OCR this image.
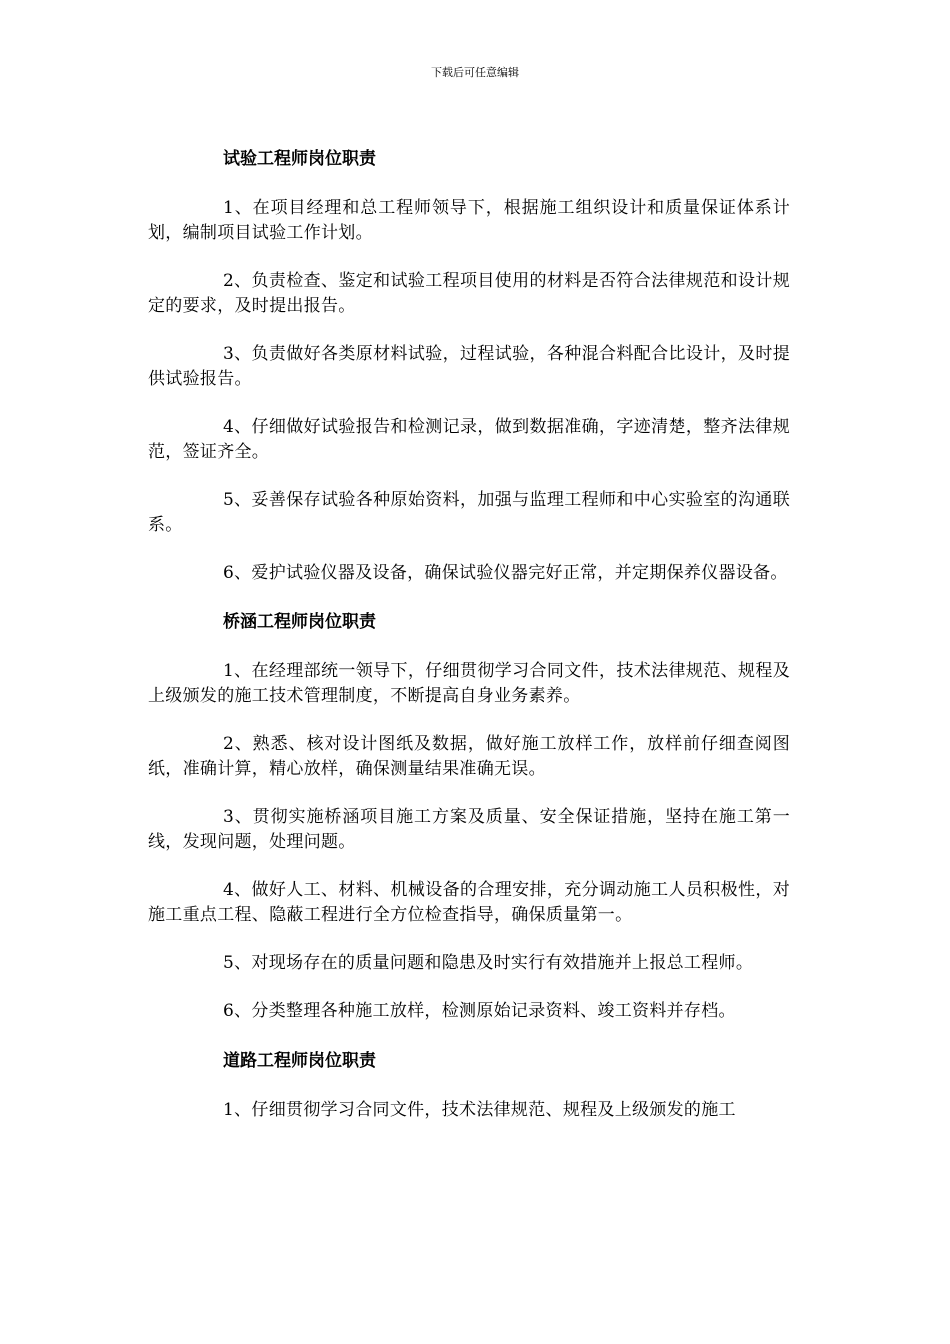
下载后可任意编辑
试验工程师岗位职责

1、在项目经理和总工程师领导下，根据施工组织设计和质量保证体系计划，编制项目试验工作计划。

2、负责检查、鉴定和试验工程项目使用的材料是否符合法律规范和设计规定的要求，及时提出报告。

3、负责做好各类原材料试验，过程试验，各种混合料配合比设计，及时提供试验报告。

4、仔细做好试验报告和检测记录，做到数据准确，字迹清楚，整齐法律规范，签证齐全。

5、妥善保存试验各种原始资料，加强与监理工程师和中心实验室的沟通联系。

6、爱护试验仪器及设备，确保试验仪器完好正常，并定期保养仪器设备。

桥涵工程师岗位职责

1、在经理部统一领导下，仔细贯彻学习合同文件，技术法律规范、规程及上级颁发的施工技术管理制度，不断提高自身业务素养。

2、熟悉、核对设计图纸及数据，做好施工放样工作，放样前仔细查阅图纸，准确计算，精心放样，确保测量结果准确无误。

3、贯彻实施桥涵项目施工方案及质量、安全保证措施，坚持在施工第一线，发现问题，处理问题。

4、做好人工、材料、机械设备的合理安排，充分调动施工人员积极性，对施工重点工程、隐蔽工程进行全方位检查指导，确保质量第一。

5、对现场存在的质量问题和隐患及时实行有效措施并上报总工程师。

6、分类整理各种施工放样，检测原始记录资料、竣工资料并存档。

道路工程师岗位职责

1、仔细贯彻学习合同文件，技术法律规范、规程及上级颁发的施工
